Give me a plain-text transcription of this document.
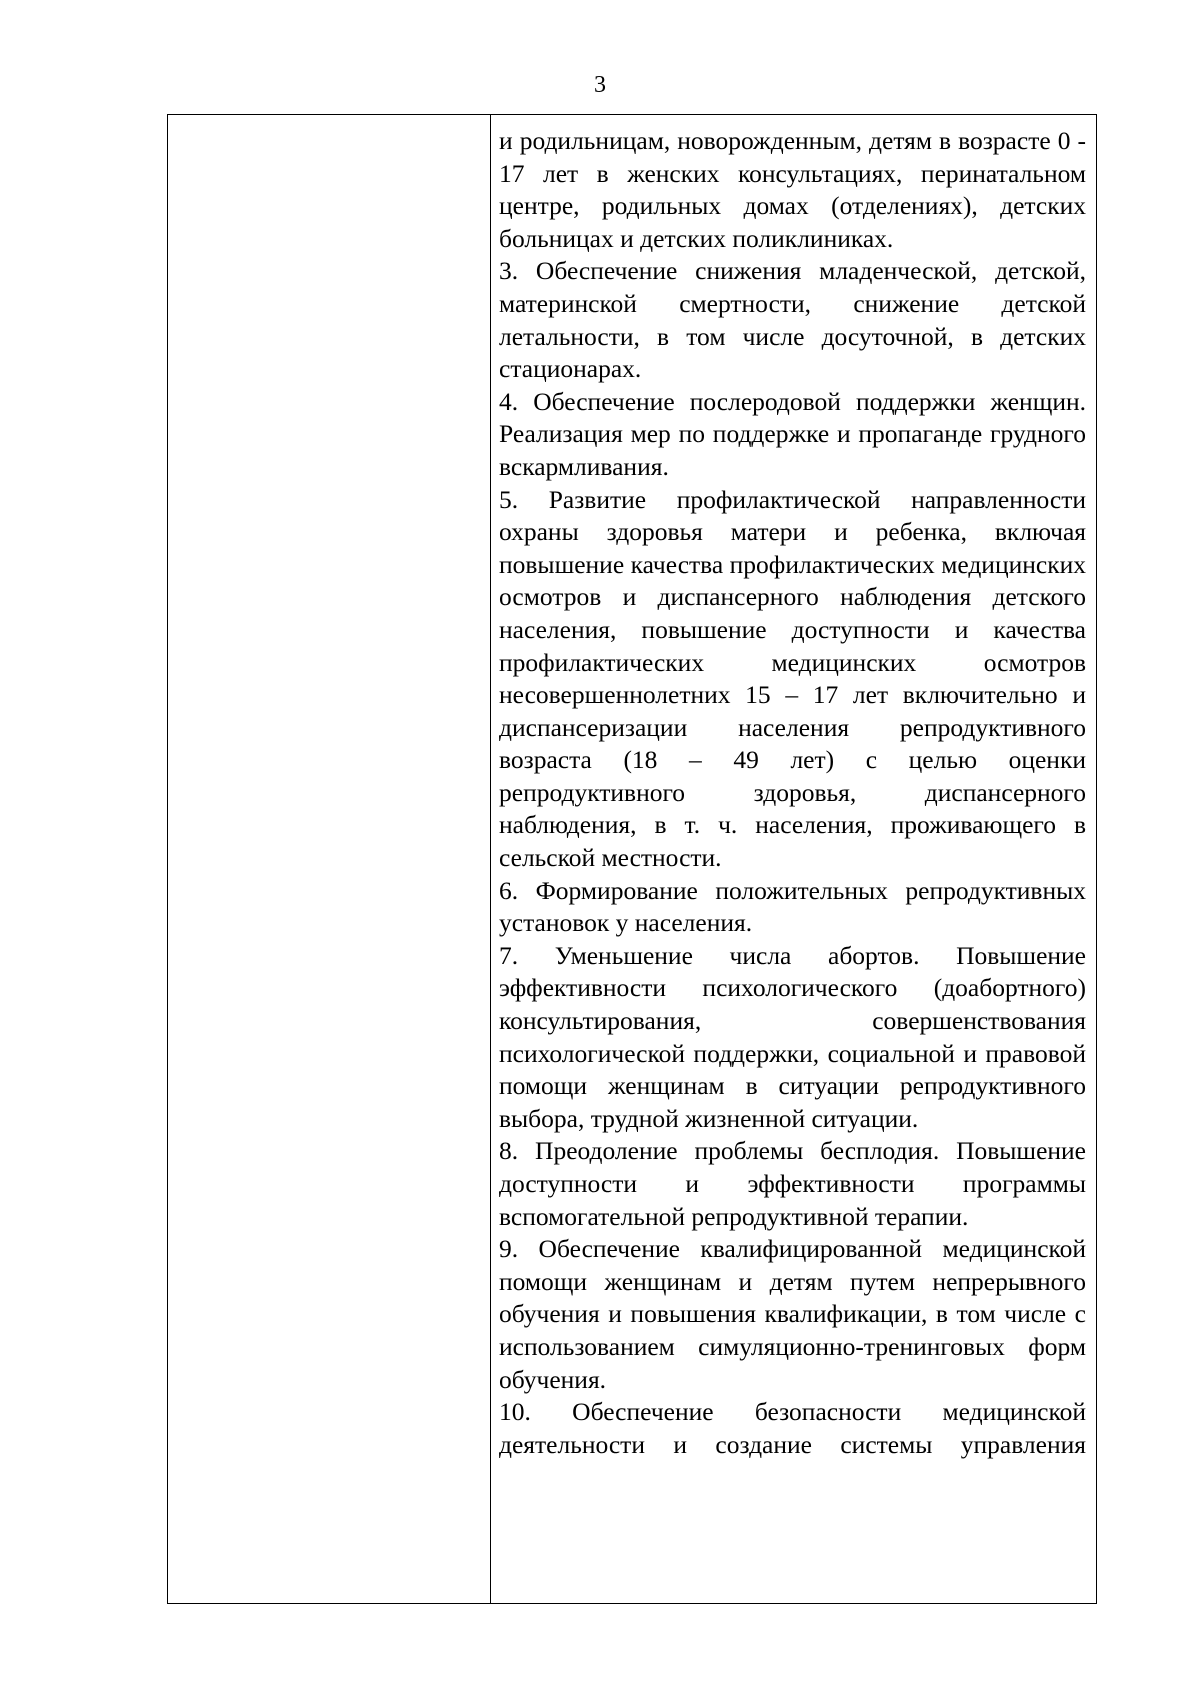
3

и родильницам, новорожденным, детям в возрасте 0 - 17 лет в женских консультациях, перинатальном центре, родильных домах (отделениях), детских больницах и детских поликлиниках.
3. Обеспечение снижения младенческой, детской, материнской смертности, снижение детской летальности, в том числе досуточной, в детских стационарах.
4. Обеспечение послеродовой поддержки женщин. Реализация мер по поддержке и пропаганде грудного вскармливания.
5. Развитие профилактической направленности охраны здоровья матери и ребенка, включая повышение качества профилактических медицинских осмотров и диспансерного наблюдения детского населения, повышение доступности и качества профилактических медицинских осмотров несовершеннолетних 15 – 17 лет включительно и диспансеризации населения репродуктивного возраста (18 – 49 лет) с целью оценки репродуктивного здоровья, диспансерного наблюдения, в т. ч. населения, проживающего в сельской местности.
6. Формирование положительных репродуктивных установок у населения.
7. Уменьшение числа абортов. Повышение эффективности психологического (доабортного) консультирования, совершенствования психологической поддержки, социальной и правовой помощи женщинам в ситуации репродуктивного выбора, трудной жизненной ситуации.
8. Преодоление проблемы бесплодия. Повышение доступности и эффективности программы вспомогательной репродуктивной терапии.
9. Обеспечение квалифицированной медицинской помощи женщинам и детям путем непрерывного обучения и повышения квалификации, в том числе с использованием симуляционно-тренинговых форм обучения.
10. Обеспечение безопасности медицинской деятельности и создание системы управления
